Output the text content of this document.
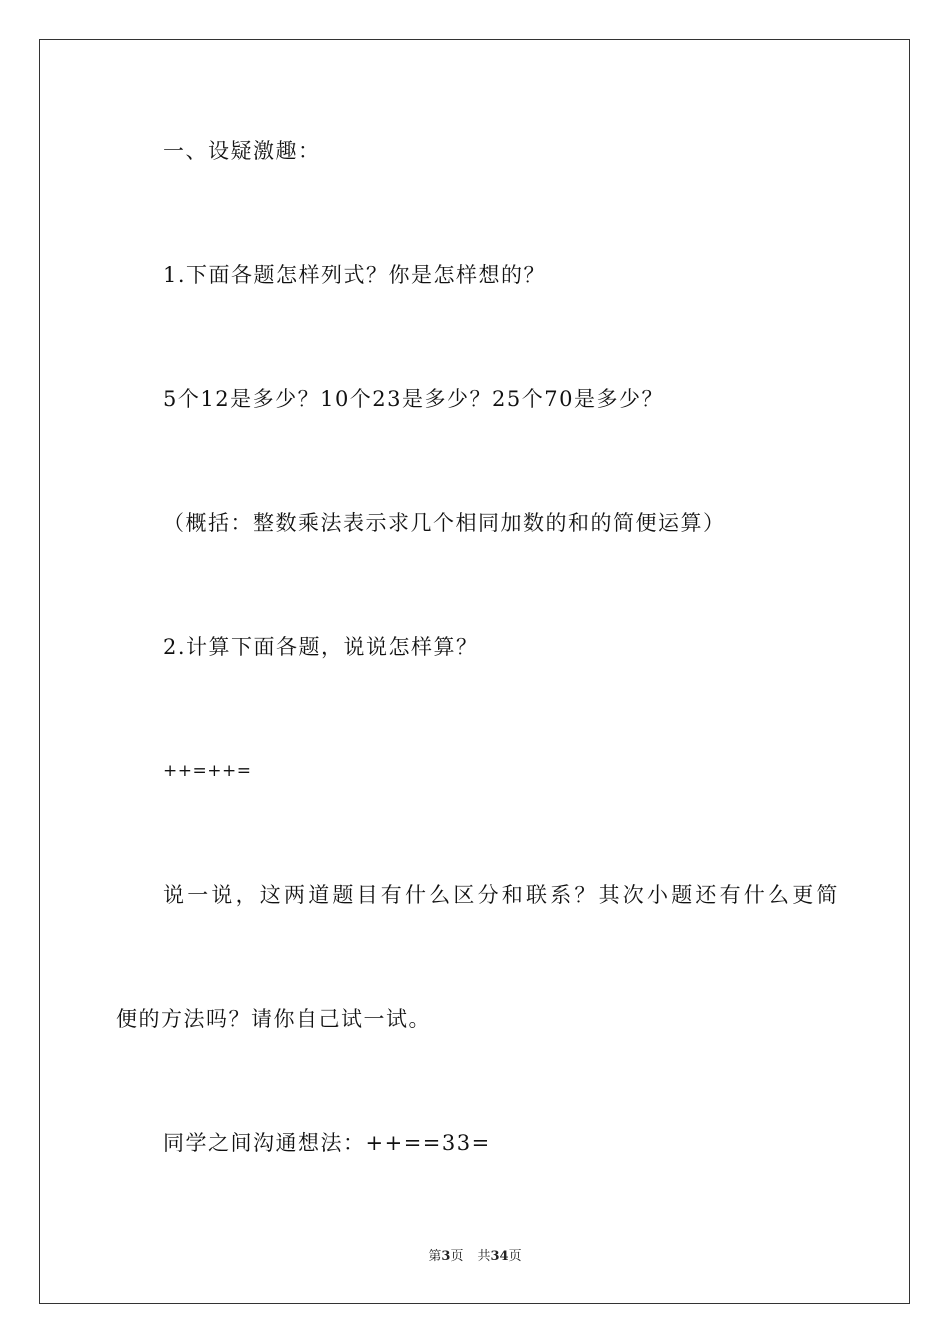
一、设疑激趣：
1.下面各题怎样列式？你是怎样想的？
5个12是多少？10个23是多少？25个70是多少？
（概括：整数乘法表示求几个相同加数的和的简便运算）
2.计算下面各题，说说怎样算？
++=++=
说一说，这两道题目有什么区分和联系？其次小题还有什么更简
便的方法吗？请你自己试一试。
同学之间沟通想法：++==33=
第3页 共34页
